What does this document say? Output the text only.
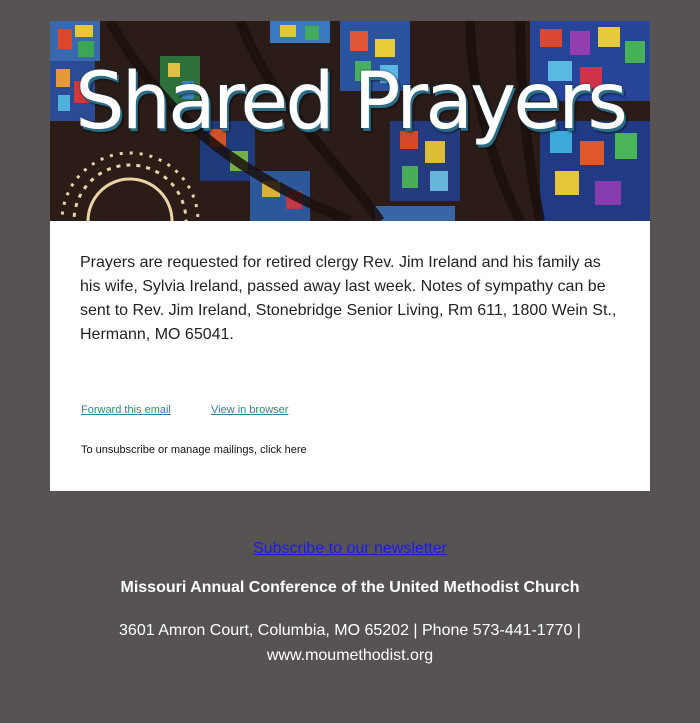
Shared Prayers

Prayers are requested for retired clergy Rev. Jim Ireland and his family as his wife, Sylvia Ireland, passed away last week. Notes of sympathy can be sent to Rev. Jim Ireland, Stonebridge Senior Living, Rm 611, 1800 Wein St., Hermann, MO 65041.

Forward this email	View in browser
To unsubscribe or manage mailings, click here
Subscribe to our newsletter
Missouri Annual Conference of the United Methodist Church
3601 Amron Court, Columbia, MO 65202 | Phone 573-441-1770 | www.moumethodist.org
